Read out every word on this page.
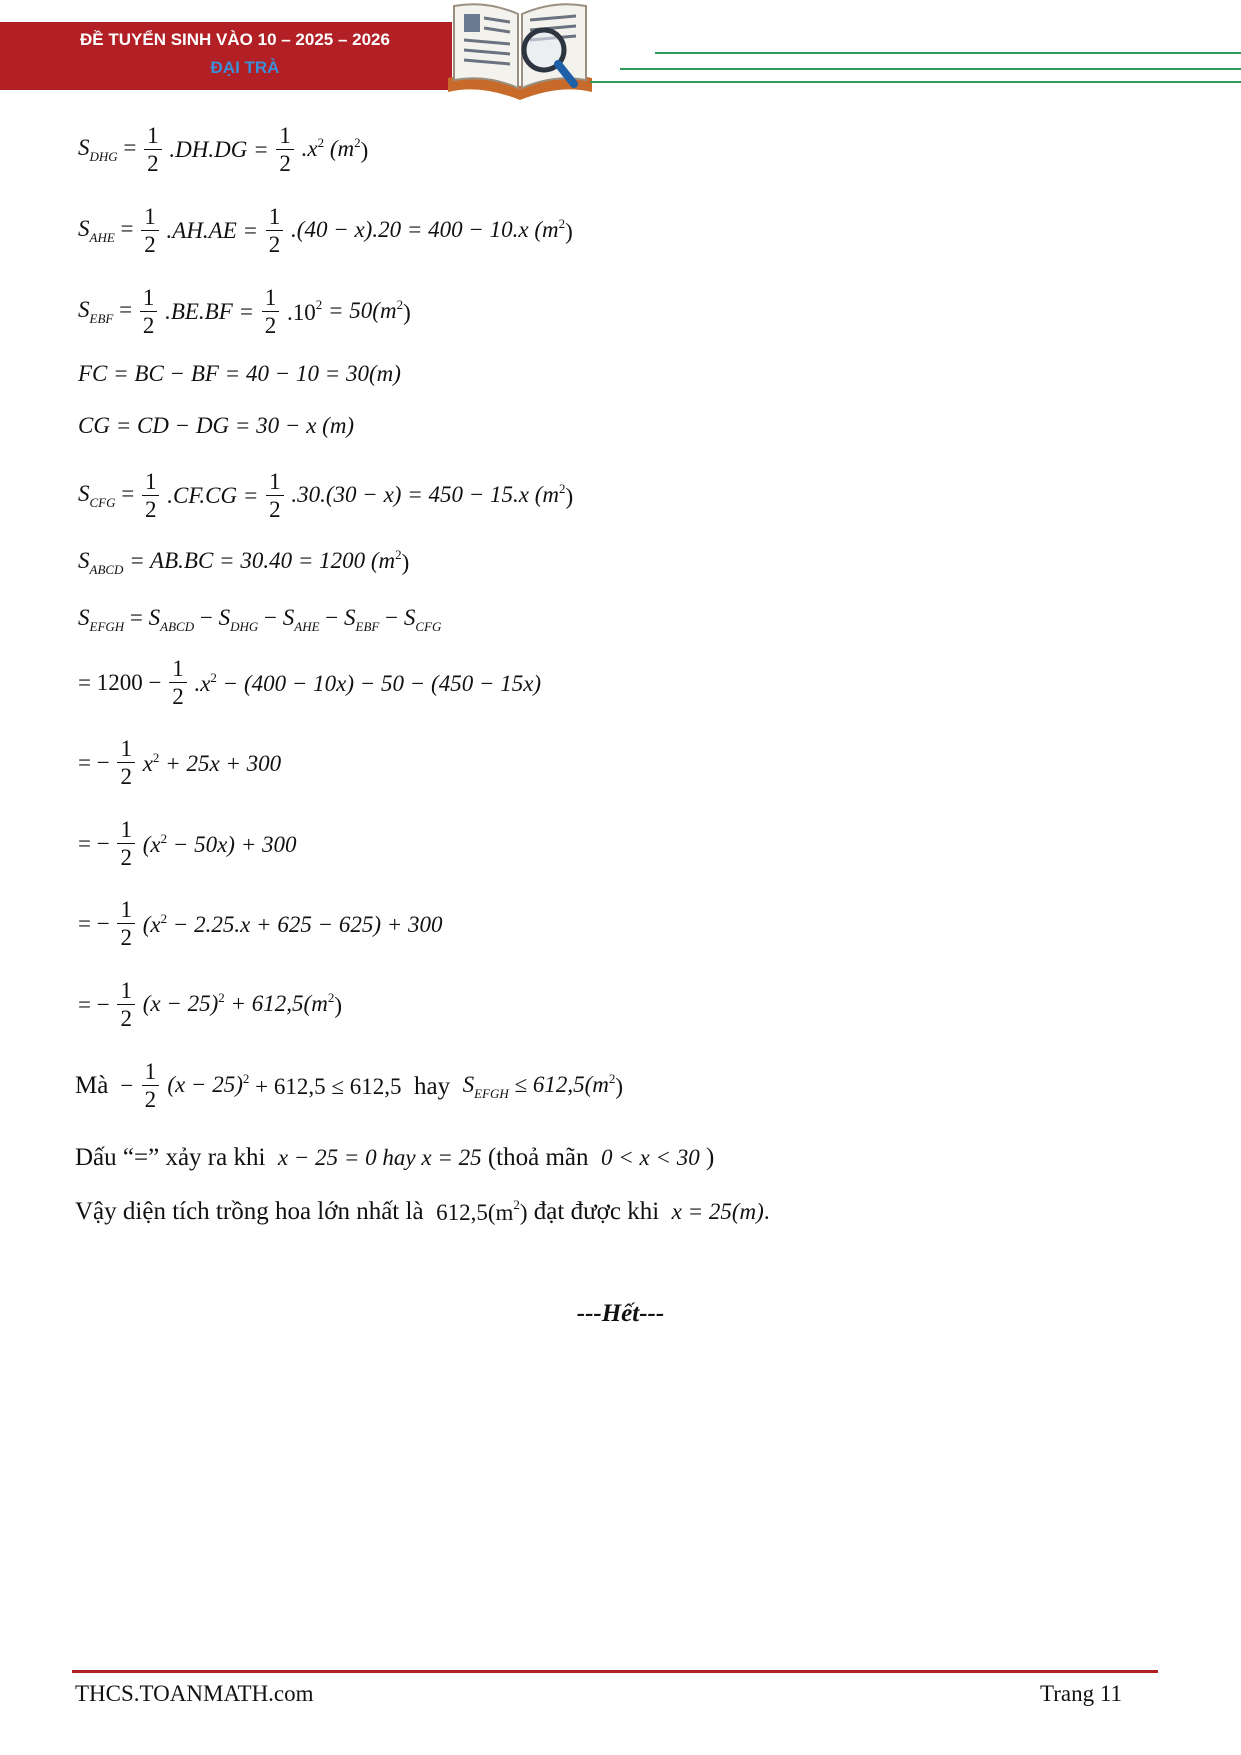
ĐỀ TUYỂN SINH VÀO 10 – 2025 – 2026
ĐẠI TRÀ
$S_{DHG} = \frac{1}{2} .DH.DG = \frac{1}{2} .x^2$ $(m^2)$
$S_{AHE} = \frac{1}{2} .AH.AE = \frac{1}{2} .(40 - x).20 = 400 - 10.x$ $(m^2)$
$S_{EBF} = \frac{1}{2} .BE.BF = \frac{1}{2} .10^2 = 50(m^2)$
FC = BC − BF = 40 − 10 = 30(m)
CG = CD − DG = 30 − x (m)
$S_{CFG} = \frac{1}{2} .CF.CG = \frac{1}{2} .30.(30 - x) = 450 - 15.x$ $(m^2)$
$S_{ABCD} = AB.BC = 30.40 = 1200$ $(m^2)$
$S_{EFGH} = S_{ABCD} - S_{DHG} - S_{AHE} - S_{EBF} - S_{CFG}$
= $1200 - \frac{1}{2} .x^2 - (400 - 10x) - 50 - (450 - 15x)$
= − $\frac{1}{2} x^2 + 25x + 300$
= − $\frac{1}{2} (x^2 - 50x) + 300$
= − $\frac{1}{2} (x^2 - 2.25.x + 625 - 625) + 300$
= − $\frac{1}{2} (x - 25)^2 + 612,5(m^2)$
Mà  − $\frac{1}{2} (x - 25)^2 + 612,5 \le 612,5$ hay $S_{EFGH} \le 612,5(m^2)$
Dấu “=” xảy ra khi x − 25 = 0 hay x = 25 (thoả mãn 0 < x < 30 )
Vậy diện tích trồng hoa lớn nhất là $612,5(m^2)$ đạt được khi x = 25(m).
---Hết---
THCS.TOANMATH.com	Trang 11
